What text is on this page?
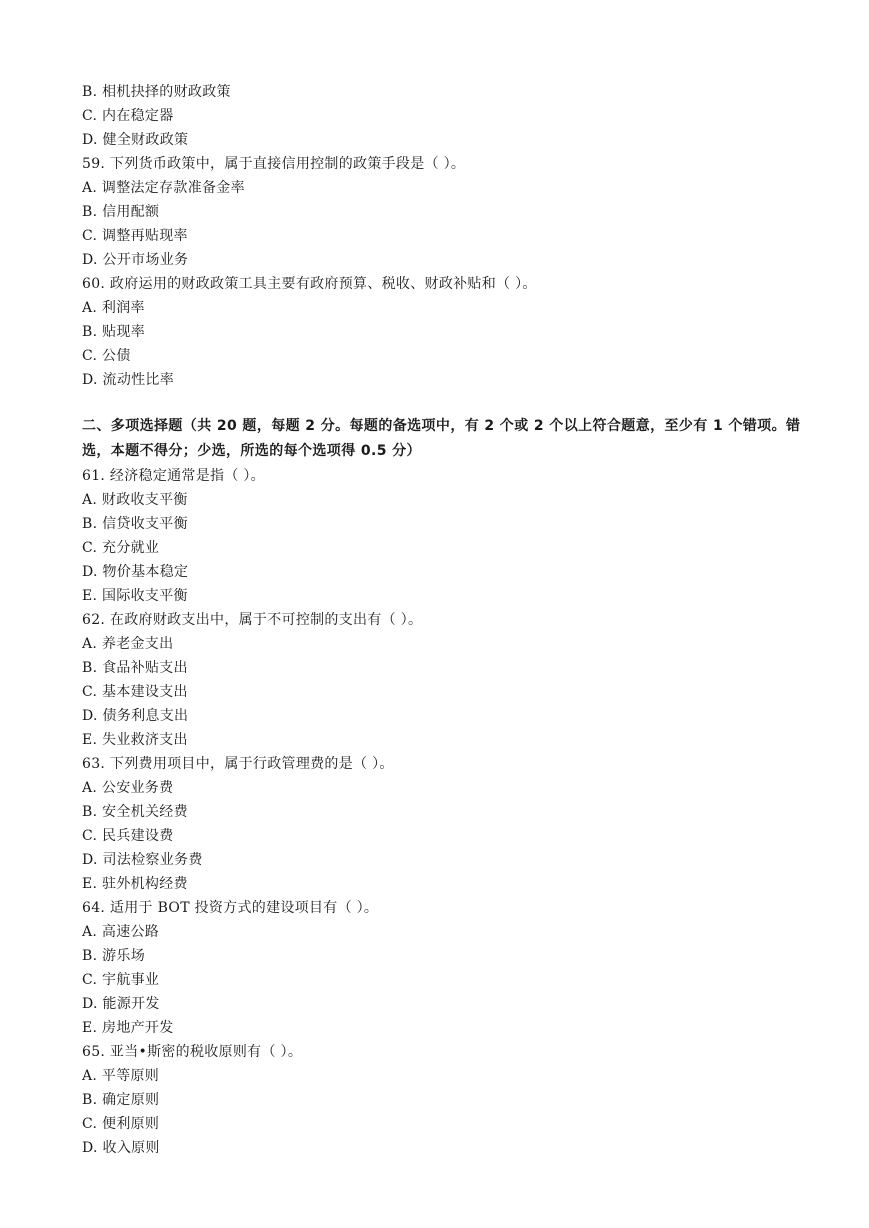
B. 相机抉择的财政政策
C. 内在稳定器
D. 健全财政政策
59. 下列货币政策中，属于直接信用控制的政策手段是（ ）。
A. 调整法定存款准备金率
B. 信用配额
C. 调整再贴现率
D. 公开市场业务
60. 政府运用的财政政策工具主要有政府预算、税收、财政补贴和（ ）。
A. 利润率
B. 贴现率
C. 公债
D. 流动性比率
二、多项选择题（共 20 题，每题 2 分。每题的备选项中，有 2 个或 2 个以上符合题意，至少有 1 个错项。错选，本题不得分；少选，所选的每个选项得 0.5 分）
61. 经济稳定通常是指（ ）。
A. 财政收支平衡
B. 信贷收支平衡
C. 充分就业
D. 物价基本稳定
E. 国际收支平衡
62. 在政府财政支出中，属于不可控制的支出有（ ）。
A. 养老金支出
B. 食品补贴支出
C. 基本建设支出
D. 债务利息支出
E. 失业救济支出
63. 下列费用项目中，属于行政管理费的是（ ）。
A. 公安业务费
B. 安全机关经费
C. 民兵建设费
D. 司法检察业务费
E. 驻外机构经费
64. 适用于 BOT 投资方式的建设项目有（ ）。
A. 高速公路
B. 游乐场
C. 宇航事业
D. 能源开发
E. 房地产开发
65. 亚当•斯密的税收原则有（ ）。
A. 平等原则
B. 确定原则
C. 便利原则
D. 收入原则
